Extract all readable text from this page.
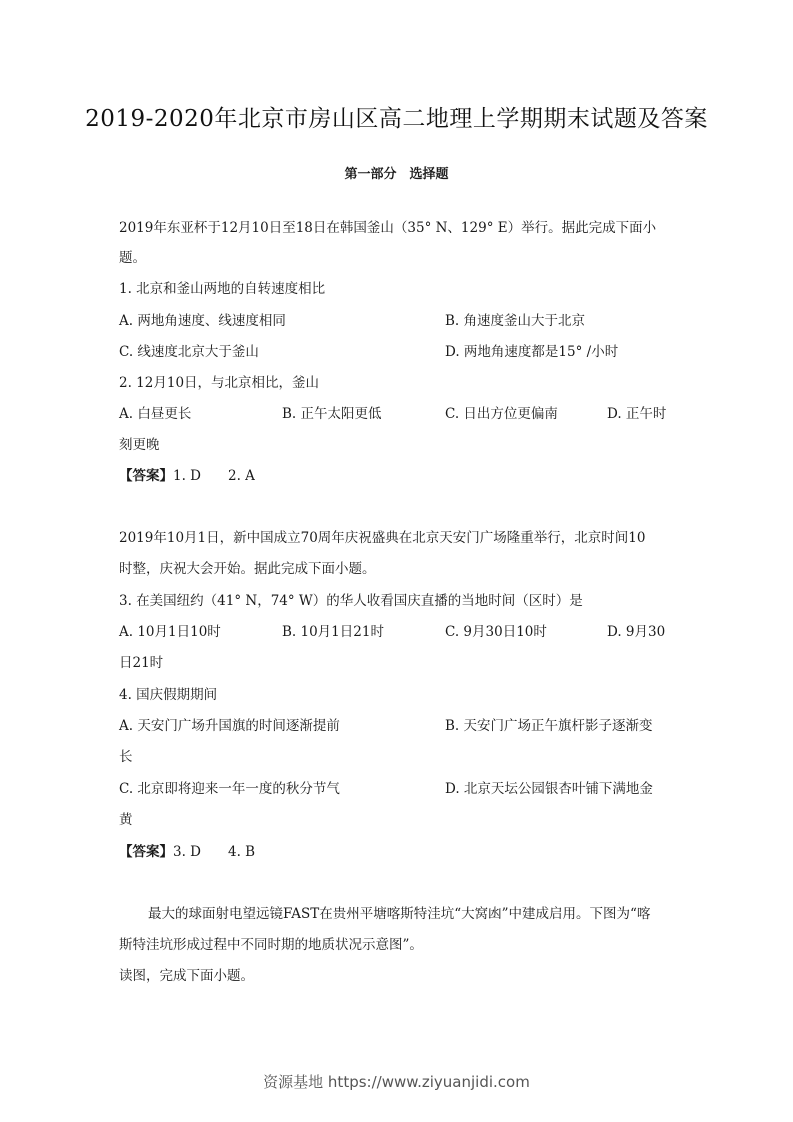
2019-2020年北京市房山区高二地理上学期期末试题及答案
第一部分　选择题
2019年东亚杯于12月10日至18日在韩国釜山（35° N、129° E）举行。据此完成下面小
题。
1. 北京和釜山两地的自转速度相比
A. 两地角速度、线速度相同	B. 角速度釜山大于北京
C. 线速度北京大于釜山	D. 两地角速度都是15° /小时
2. 12月10日，与北京相比，釜山
A. 白昼更长	B. 正午太阳更低	C. 日出方位更偏南	D. 正午时
刻更晚
【答案】1. D　　2. A
2019年10月1日，新中国成立70周年庆祝盛典在北京天安门广场隆重举行，北京时间10
时整，庆祝大会开始。据此完成下面小题。
3. 在美国纽约（41° N，74° W）的华人收看国庆直播的当地时间（区时）是
A. 10月1日10时	B. 10月1日21时	C. 9月30日10时	D. 9月30
日21时
4. 国庆假期期间
A. 天安门广场升国旗的时间逐渐提前	B. 天安门广场正午旗杆影子逐渐变
长
C. 北京即将迎来一年一度的秋分节气	D. 北京天坛公园银杏叶铺下满地金
黄
【答案】3. D　　4. B
最大的球面射电望远镜FAST在贵州平塘喀斯特洼坑“大窝凼”中建成启用。下图为“喀
斯特洼坑形成过程中不同时期的地质状况示意图”。
读图，完成下面小题。
资源基地 https://www.ziyuanjidi.com
